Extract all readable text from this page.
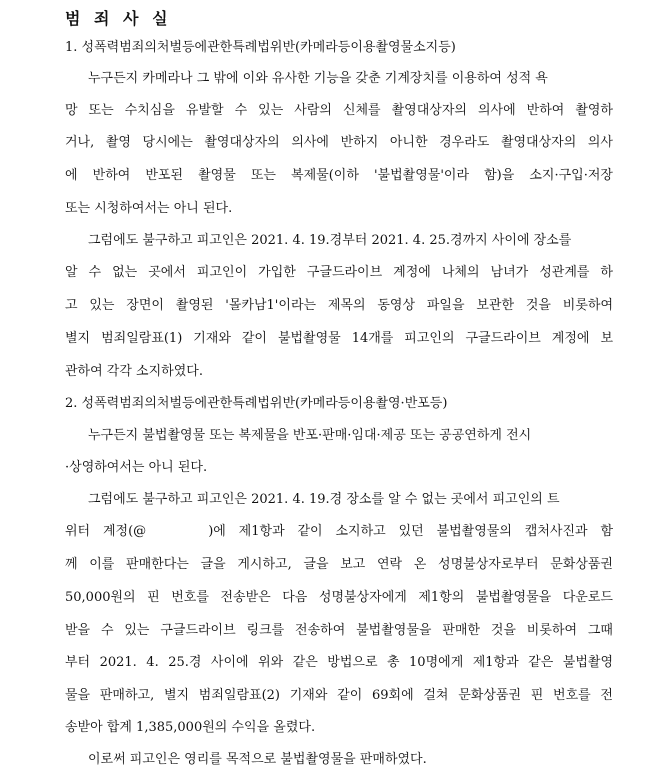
범 죄 사 실
1. 성폭력범죄의처벌등에관한특례법위반(카메라등이용촬영물소지등)
누구든지 카메라나 그 밖에 이와 유사한 기능을 갖춘 기계장치를 이용하여 성적 욕
망 또는 수치심을 유발할 수 있는 사람의 신체를 촬영대상자의 의사에 반하여 촬영하
거나, 촬영 당시에는 촬영대상자의 의사에 반하지 아니한 경우라도 촬영대상자의 의사
에 반하여 반포된 촬영물 또는 복제물(이하 '불법촬영물'이라 함)을 소지·구입·저장
또는 시청하여서는 아니 된다.
그럼에도 불구하고 피고인은 2021. 4. 19.경부터 2021. 4. 25.경까지 사이에 장소를
알 수 없는 곳에서 피고인이 가입한 구글드라이브 계정에 나체의 남녀가 성관계를 하
고 있는 장면이 촬영된 '몰카남1'이라는 제목의 동영상 파일을 보관한 것을 비롯하여
별지 범죄일람표(1) 기재와 같이 불법촬영물 14개를 피고인의 구글드라이브 계정에 보
관하여 각각 소지하였다.
2. 성폭력범죄의처벌등에관한특례법위반(카메라등이용촬영·반포등)
누구든지 불법촬영물 또는 복제물을 반포·판매·임대·제공 또는 공공연하게 전시
·상영하여서는 아니 된다.
그럼에도 불구하고 피고인은 2021. 4. 19.경 장소를 알 수 없는 곳에서 피고인의 트
위터 계정(@	)에 제1항과 같이 소지하고 있던 불법촬영물의 캡처사진과 함
께 이를 판매한다는 글을 게시하고, 글을 보고 연락 온 성명불상자로부터 문화상품권
50,000원의 핀 번호를 전송받은 다음 성명불상자에게 제1항의 불법촬영물을 다운로드
받을 수 있는 구글드라이브 링크를 전송하여 불법촬영물을 판매한 것을 비롯하여 그때
부터 2021. 4. 25.경 사이에 위와 같은 방법으로 총 10명에게 제1항과 같은 불법촬영
물을 판매하고, 별지 범죄일람표(2) 기재와 같이 69회에 걸쳐 문화상품권 핀 번호를 전
송받아 합계 1,385,000원의 수익을 올렸다.
이로써 피고인은 영리를 목적으로 불법촬영물을 판매하였다.
